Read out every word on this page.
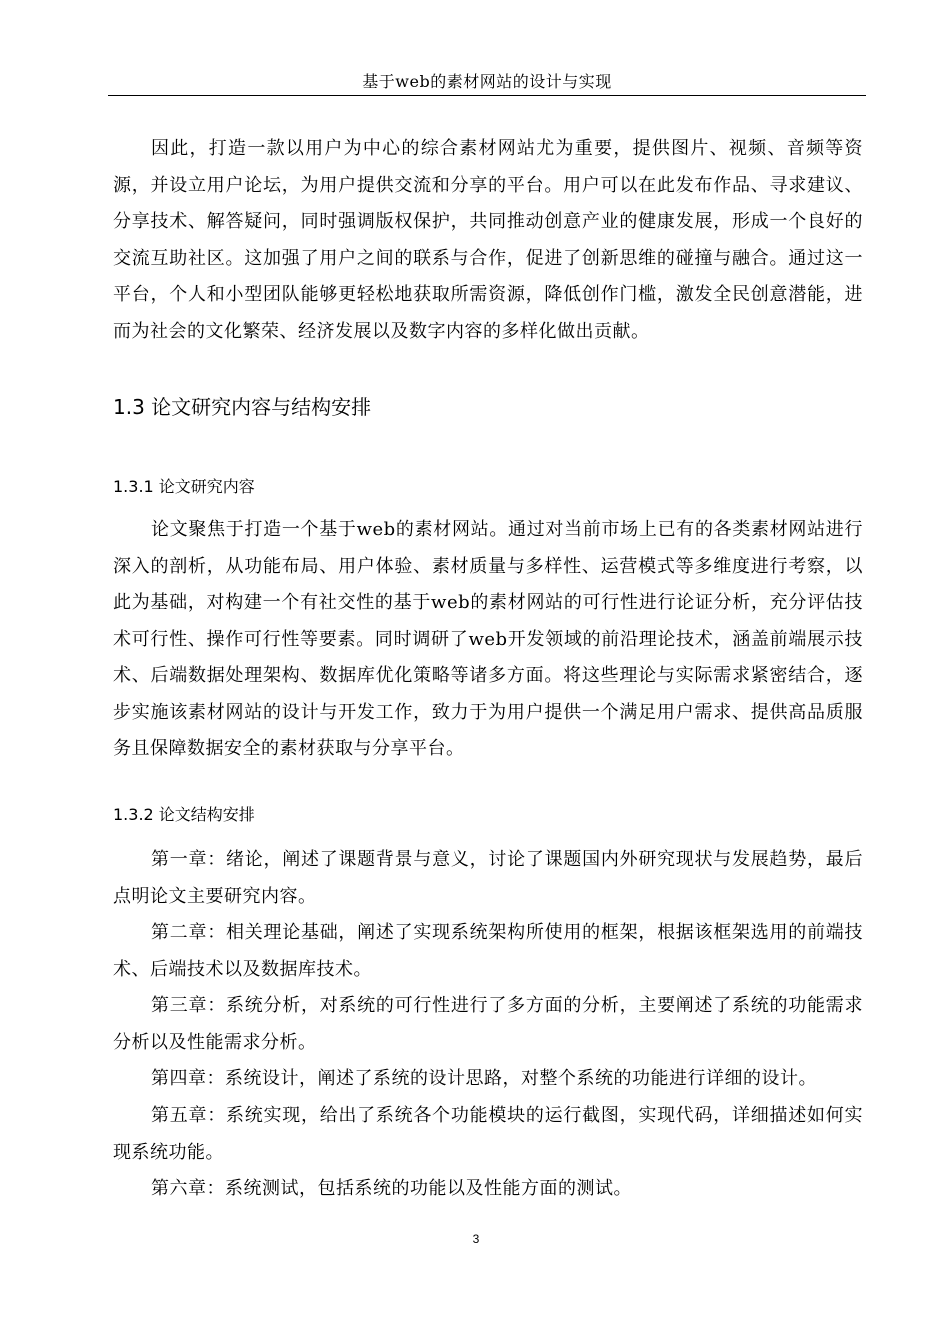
基于web的素材网站的设计与实现

因此，打造一款以用户为中心的综合素材网站尤为重要，提供图片、视频、音频等资源，并设立用户论坛，为用户提供交流和分享的平台。用户可以在此发布作品、寻求建议、分享技术、解答疑问，同时强调版权保护，共同推动创意产业的健康发展，形成一个良好的交流互助社区。这加强了用户之间的联系与合作，促进了创新思维的碰撞与融合。通过这一平台，个人和小型团队能够更轻松地获取所需资源，降低创作门槛，激发全民创意潜能，进而为社会的文化繁荣、经济发展以及数字内容的多样化做出贡献。

1.3 论文研究内容与结构安排
1.3.1 论文研究内容

论文聚焦于打造一个基于web的素材网站。通过对当前市场上已有的各类素材网站进行深入的剖析，从功能布局、用户体验、素材质量与多样性、运营模式等多维度进行考察，以此为基础，对构建一个有社交性的基于web的素材网站的可行性进行论证分析，充分评估技术可行性、操作可行性等要素。同时调研了web开发领域的前沿理论技术，涵盖前端展示技术、后端数据处理架构、数据库优化策略等诸多方面。将这些理论与实际需求紧密结合，逐步实施该素材网站的设计与开发工作，致力于为用户提供一个满足用户需求、提供高品质服务且保障数据安全的素材获取与分享平台。

1.3.2 论文结构安排

第一章：绪论，阐述了课题背景与意义，讨论了课题国内外研究现状与发展趋势，最后点明论文主要研究内容。

第二章：相关理论基础，阐述了实现系统架构所使用的框架，根据该框架选用的前端技术、后端技术以及数据库技术。

第三章：系统分析，对系统的可行性进行了多方面的分析，主要阐述了系统的功能需求分析以及性能需求分析。

第四章：系统设计，阐述了系统的设计思路，对整个系统的功能进行详细的设计。

第五章：系统实现，给出了系统各个功能模块的运行截图，实现代码，详细描述如何实现系统功能。

第六章：系统测试，包括系统的功能以及性能方面的测试。

3
